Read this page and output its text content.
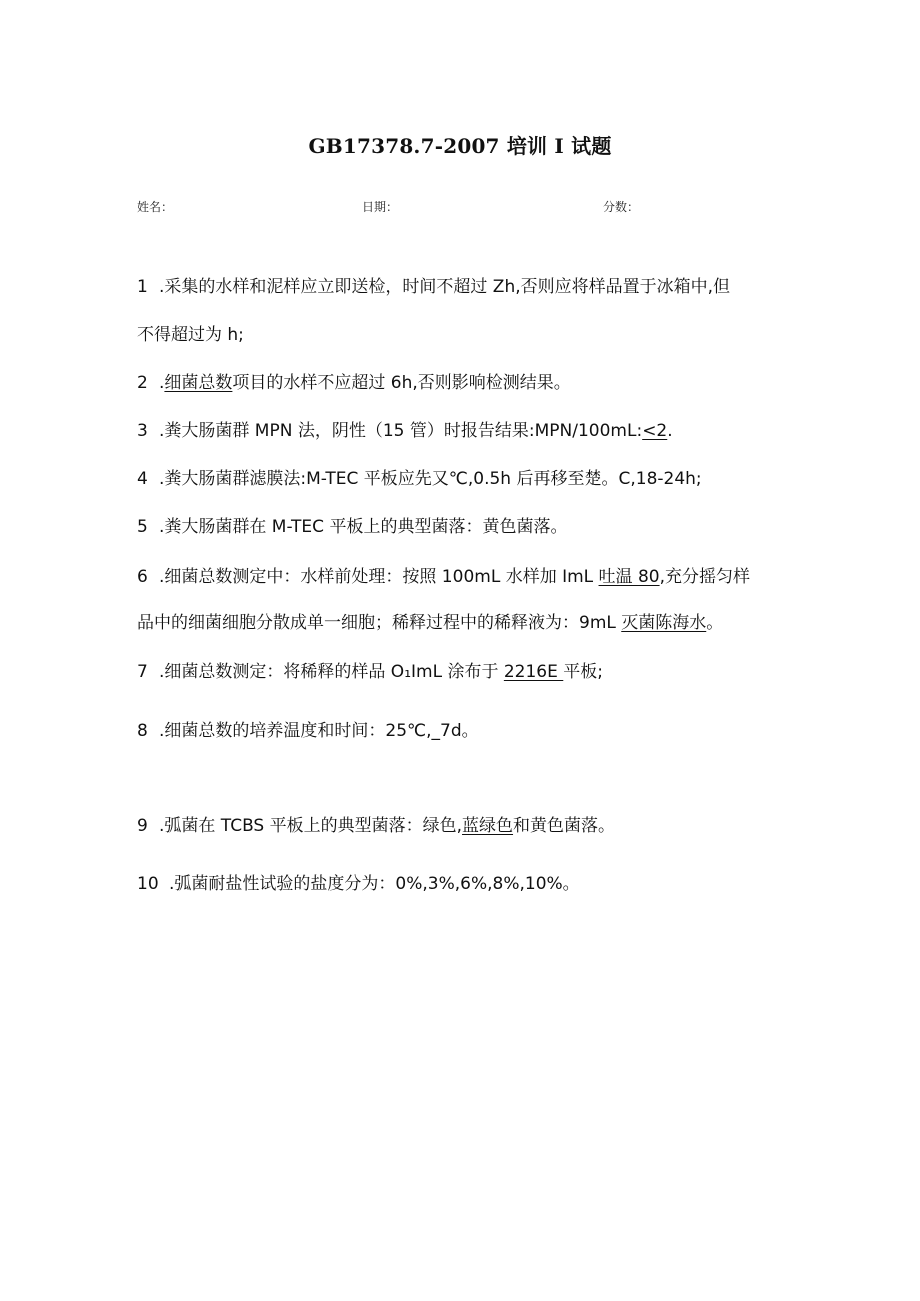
GB17378.7-2007 培训 I 试题
姓名：	日期：	分数：
1 .采集的水样和泥样应立即送检，时间不超过 Zh,否则应将样品置于冰箱中,但
不得超过为 h;
2 .细菌总数项目的水样不应超过 6h,否则影响检测结果。
3 .粪大肠菌群 MPN 法，阴性（15 管）时报告结果:MPN∕100mL:<2.
4 .粪大肠菌群滤膜法:M-TEC 平板应先又℃,0.5h 后再移至楚。C,18-24h;
5 .粪大肠菌群在 M-TEC 平板上的典型菌落：黄色菌落。
6 .细菌总数测定中：水样前处理：按照 100mL 水样加 ImL 吐温 80,充分摇匀样
品中的细菌细胞分散成单一细胞；稀释过程中的稀释液为：9mL 灭菌陈海水。
7 .细菌总数测定：将稀释的样品 O₁ImL 涂布于 2216E 平板;
8 .细菌总数的培养温度和时间：25℃,_7d。
9 .弧菌在 TCBS 平板上的典型菌落：绿色,蓝绿色和黄色菌落。
10 .弧菌耐盐性试验的盐度分为：0%,3%,6%,8%,10%。
